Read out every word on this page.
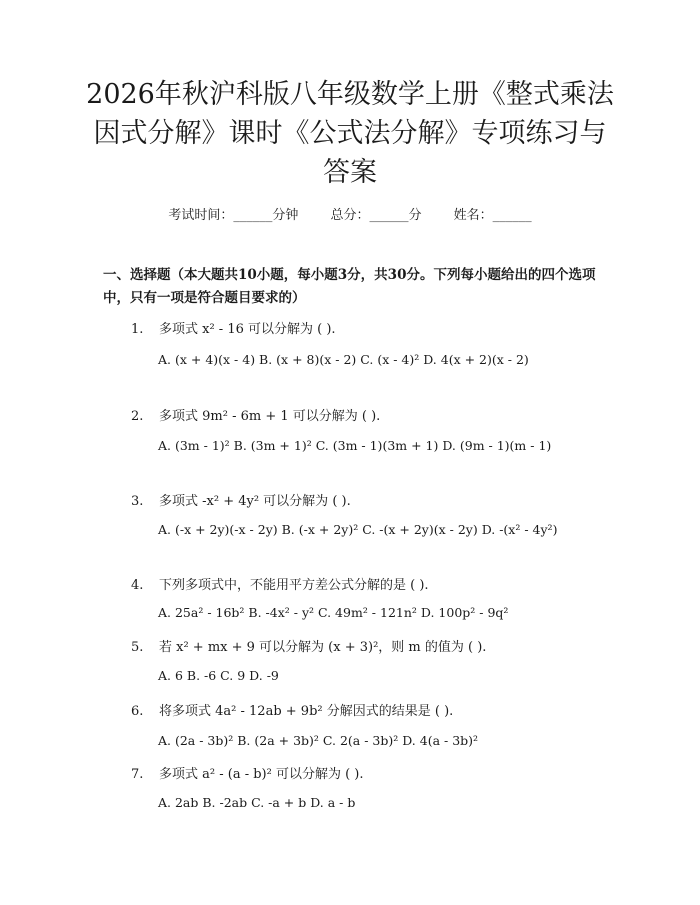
2026年秋沪科版八年级数学上册《整式乘法
因式分解》课时《公式法分解》专项练习与
答案
考试时间：______分钟 总分：______分 姓名：______
一、选择题（本大题共10小题，每小题3分，共30分。下列每小题给出的四个选项中，只有一项是符合题目要求的）
1. 多项式 x² - 16 可以分解为 ( ).
A. (x + 4)(x - 4) B. (x + 8)(x - 2) C. (x - 4)² D. 4(x + 2)(x - 2)
2. 多项式 9m² - 6m + 1 可以分解为 ( ).
A. (3m - 1)² B. (3m + 1)² C. (3m - 1)(3m + 1) D. (9m - 1)(m - 1)
3. 多项式 -x² + 4y² 可以分解为 ( ).
A. (-x + 2y)(-x - 2y) B. (-x + 2y)² C. -(x + 2y)(x - 2y) D. -(x² - 4y²)
4. 下列多项式中，不能用平方差公式分解的是 ( ).
A. 25a² - 16b² B. -4x² - y² C. 49m² - 121n² D. 100p² - 9q²
5. 若 x² + mx + 9 可以分解为 (x + 3)²，则 m 的值为 ( ).
A. 6 B. -6 C. 9 D. -9
6. 将多项式 4a² - 12ab + 9b² 分解因式的结果是 ( ).
A. (2a - 3b)² B. (2a + 3b)² C. 2(a - 3b)² D. 4(a - 3b)²
7. 多项式 a² - (a - b)² 可以分解为 ( ).
A. 2ab B. -2ab C. -a + b D. a - b
